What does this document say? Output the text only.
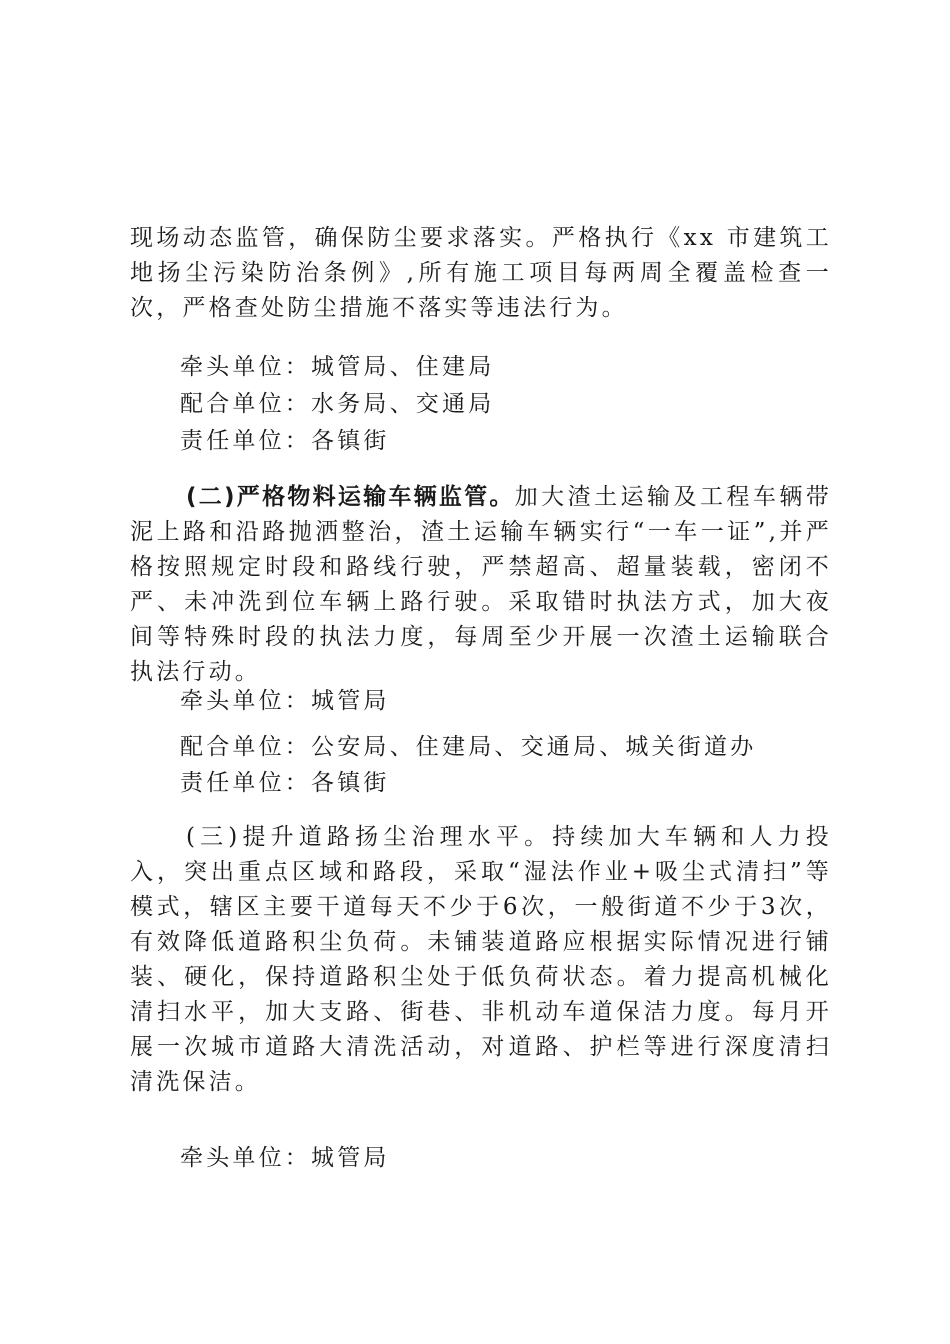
现场动态监管，确保防尘要求落实。严格执行《xx 市建筑工地扬尘污染防治条例》,所有施工项目每两周全覆盖检查一次，严格查处防尘措施不落实等违法行为。

牵头单位：城管局、住建局

配合单位：水务局、交通局

责任单位：各镇街

(二)严格物料运输车辆监管。加大渣土运输及工程车辆带泥上路和沿路抛洒整治，渣土运输车辆实行“一车一证”,并严格按照规定时段和路线行驶，严禁超高、超量装载，密闭不严、未冲洗到位车辆上路行驶。采取错时执法方式，加大夜间等特殊时段的执法力度，每周至少开展一次渣土运输联合执法行动。

牵头单位：城管局

配合单位：公安局、住建局、交通局、城关街道办

责任单位：各镇街

(三)提升道路扬尘治理水平。持续加大车辆和人力投入，突出重点区域和路段，采取“湿法作业+吸尘式清扫”等模式，辖区主要干道每天不少于6次，一般街道不少于3次，有效降低道路积尘负荷。未铺装道路应根据实际情况进行铺装、硬化，保持道路积尘处于低负荷状态。着力提高机械化清扫水平，加大支路、街巷、非机动车道保洁力度。每月开展一次城市道路大清洗活动，对道路、护栏等进行深度清扫清洗保洁。

牵头单位：城管局
